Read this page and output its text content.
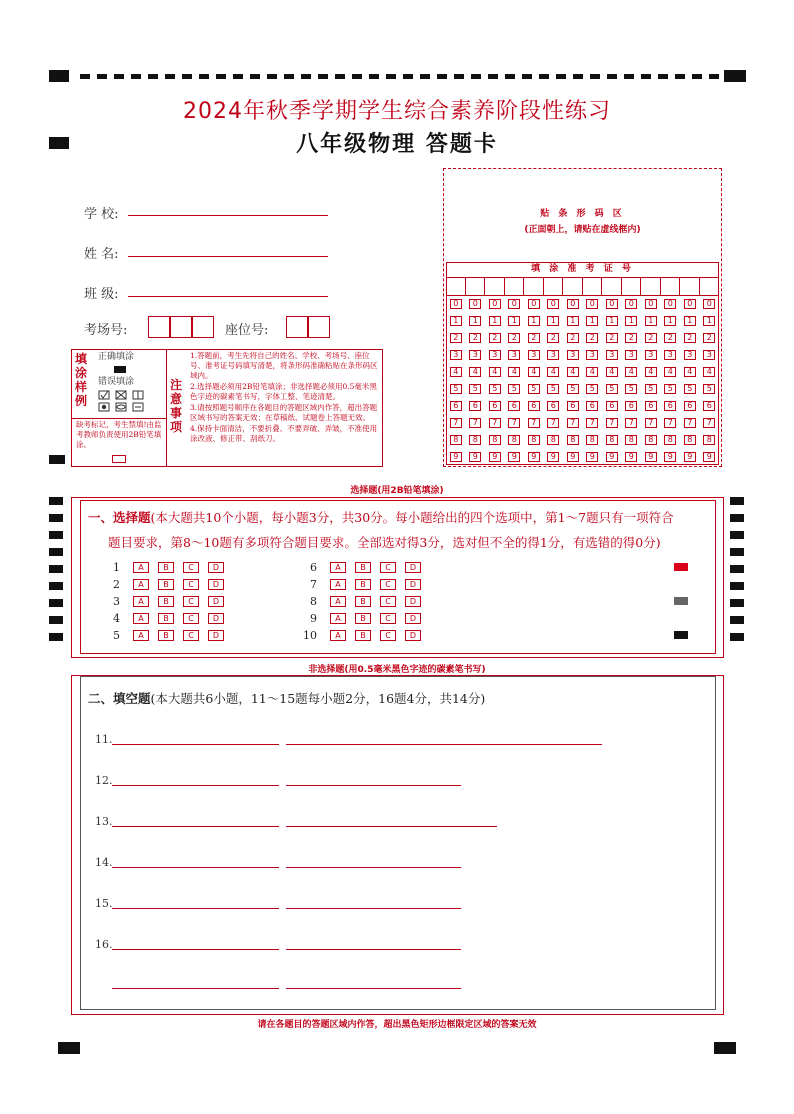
2024年秋季学期学生综合素养阶段性练习
八年级物理 答题卡
学 校:
姓 名:
班 级:
考场号:	座位号:
贴 条 形 码 区
(正面朝上，请贴在虚线框内)
填 涂 准 考 证 号
0	0	0	0	0	0	0	0	0	0	0	0	0	0
1	1	1	1	1	1	1	1	1	1	1	1	1	1
2	2	2	2	2	2	2	2	2	2	2	2	2	2
3	3	3	3	3	3	3	3	3	3	3	3	3	3
4	4	4	4	4	4	4	4	4	4	4	4	4	4
5	5	5	5	5	5	5	5	5	5	5	5	5	5
6	6	6	6	6	6	6	6	6	6	6	6	6	6
7	7	7	7	7	7	7	7	7	7	7	7	7	7
8	8	8	8	8	8	8	8	8	8	8	8	8	8
9	9	9	9	9	9	9	9	9	9	9	9	9	9
填涂样例
正确填涂
错误填涂
缺考标记，考生禁填!由监考教师负责使用2B铅笔填涂。
注意事项
1.答题前，考生先将自己的姓名、学校、考场号、座位号、准考证号码填写清楚，将条形码准确粘贴在条形码区域内。
2.选择题必须用2B铅笔填涂；非选择题必须用0.5毫米黑色字迹的碳素笔书写，字体工整、笔迹清楚。
3.请按照题号顺序在各题目的答题区域内作答，超出答题区域书写的答案无效；在草稿纸、试题卷上答题无效。
4.保持卡面清洁，不要折叠、不要弄破、弄皱，不准使用涂改液、修正带、刮纸刀。
选择题(用2B铅笔填涂)
一、选择题(本大题共10个小题，每小题3分，共30分。每小题给出的四个选项中，第1～7题只有一项符合
题目要求，第8～10题有多项符合题目要求。全部选对得3分，选对但不全的得1分，有选错的得0分)
1	A	B	C	D
2	A	B	C	D
3	A	B	C	D
4	A	B	C	D
5	A	B	C	D
6	A	B	C	D
7	A	B	C	D
8	A	B	C	D
9	A	B	C	D
10	A	B	C	D
非选择题(用0.5毫米黑色字迹的碳素笔书写)
二、填空题(本大题共6小题，11～15题每小题2分，16题4分，共14分)
11.
12.
13.
14.
15.
16.
请在各题目的答题区域内作答，超出黑色矩形边框限定区域的答案无效
